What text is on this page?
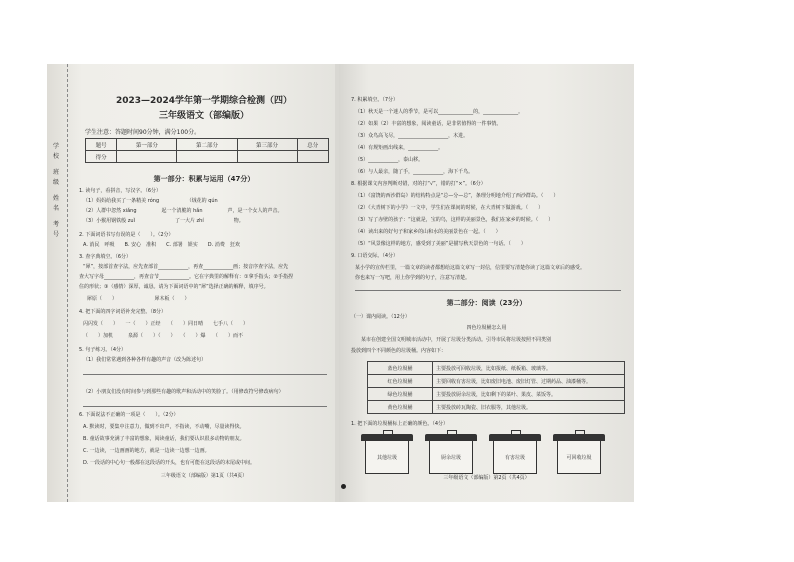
学
校
班
级
姓
名
考
号
2023—2024学年第一学期综合检测（四）
三年级语文（部编版）
学生注意：答题时间90分钟，满分100分。
题号	第一部分	第二部分	第三部分	总分
得分				
第一部分：积累与运用（47分）
1. 读句子，看拼音，写汉字。（6分）
（1）妈妈给我买了一条精美 róng　　　　　　（绒花的 qún　　　　
（2）人群中忽然 xiǎng　　　　　起一个清脆的 hǎn　　　　　声，是一个女人的声音。
（3）小猴用钢铁般 zuǐ　　　　　　　　了一大片 zhí　　　　　　物。
2. 下面词语书写有误的是（　　）。（2分）
A. 消民　呼吸　　B. 安心　准积　　C. 部署　娱实　　D. 消费　狂欢
3. 查字典填空。（6分）
“犀”，按部首查字法，应先查部首____________，再查____________画；按音序查字法，应先
查大写字母____________，再查音节____________。它在字典里的解释有：①拿手指头；②手指捏
住的形状；③（感情）深厚，诚恳。请为下面词语中的“犀”选择正确的解释，填序号。
犀原（　　）　　　　　　　　犀木板（　　）
4. 把下面的四字词语补充完整。（8分）
闪闪发（　　）　　一（　　）正经　　（　　）同日晴　　七手八（　　）
（　　）加机　　　泉源（　　）（　　）　　（　　）爆　　（　　）而不
5. 句子练习。（4分）
（1）我们常常遇到各种各样有趣的声音（改为陈述句）
（2）小朋友们没有时间参与到那些有趣的歌声和活动中的笑脸了。（用修改符号修改病句）
6. 下面说法不正确的一项是（　　）。（2分）
A. 默读时，要集中注意力，做到不出声，不指读，不动嘴，尽量读得快。
B. 童话故事充满了丰富的想象，阅读童话，我们要认识很多动物的朋友。
C. 一边读，一边画画的地方，就是一边读一边想一边画。
D. 一段话的中心句一般都在这段话的开头，也有可能在这段话的末尾或中间。
三年级语文（部编版）第1页（共4页）
7. 积累填空。（7分）
（1）秋天是一个迷人的季节，是可以______________的，______________。
（2）如果（2）丰富的想象，阅读童话，是非常值得的一件事情。
（3）众鸟高飞尽，____________________，木进。
（4）有规矩画出线来，____________。
（5）____________，泰山移。
（6）与人最亲，随了手，____________，海下千鸟。
8. 根据课文内容判断对错，对的打“√”，错的打“×”。（6分）
（1）《富饶的西沙群岛》的结构特点是“总—分—总”，条理分明地介绍了西沙群岛。（　　）
（2）《大青树下的小学》一文中，学生们在课间的时候，在大青树下做游戏。（　　）
（3）写了赤壁的孩子：“这就是，宝的鸟，这样的美丽景色，我们在家乡的时候。（　　）
（4）读出来的好句子和家乡的山和水的美丽景色在一起。（　　）
（5）“风景像这样的地方，感受到了美丽”是描写秋天景色的一句话。（　　）
9. 口语交际。（4分）
某小学的宣传栏里，一篇文章的读者都想给这篇文章写一封信，信里要写清楚你读了这篇文章后的感受。
你也来写一写吧，用上你学到的句子，注意写清楚。
第二部分：阅读（23分）
（一）课内阅读。（12分）
四色垃圾桶怎么用
某市在创建全国文明城市活动中，开展了垃圾分类活动。引导市民将垃圾按照不同类别
投放到四个不同颜色的垃圾桶。内容如下：
蓝色垃圾桶	主要投放可回收垃圾，比如报纸、纸板箱、玻璃等。
红色垃圾桶	主要回收有害垃圾，比如废旧电池、废旧灯管、过期药品、油漆桶等。
绿色垃圾桶	主要投放厨余垃圾，比如剩下的菜叶、果皮、菜饭等。
黄色垃圾桶	主要投放砖瓦陶瓷、旧衣服等，其他垃圾。
1. 把下面的垃圾桶标上正确的颜色。（4分）
其他垃圾	厨余垃圾	有害垃圾	可回收垃圾
三年级语文（部编版）第2页（共4页）
